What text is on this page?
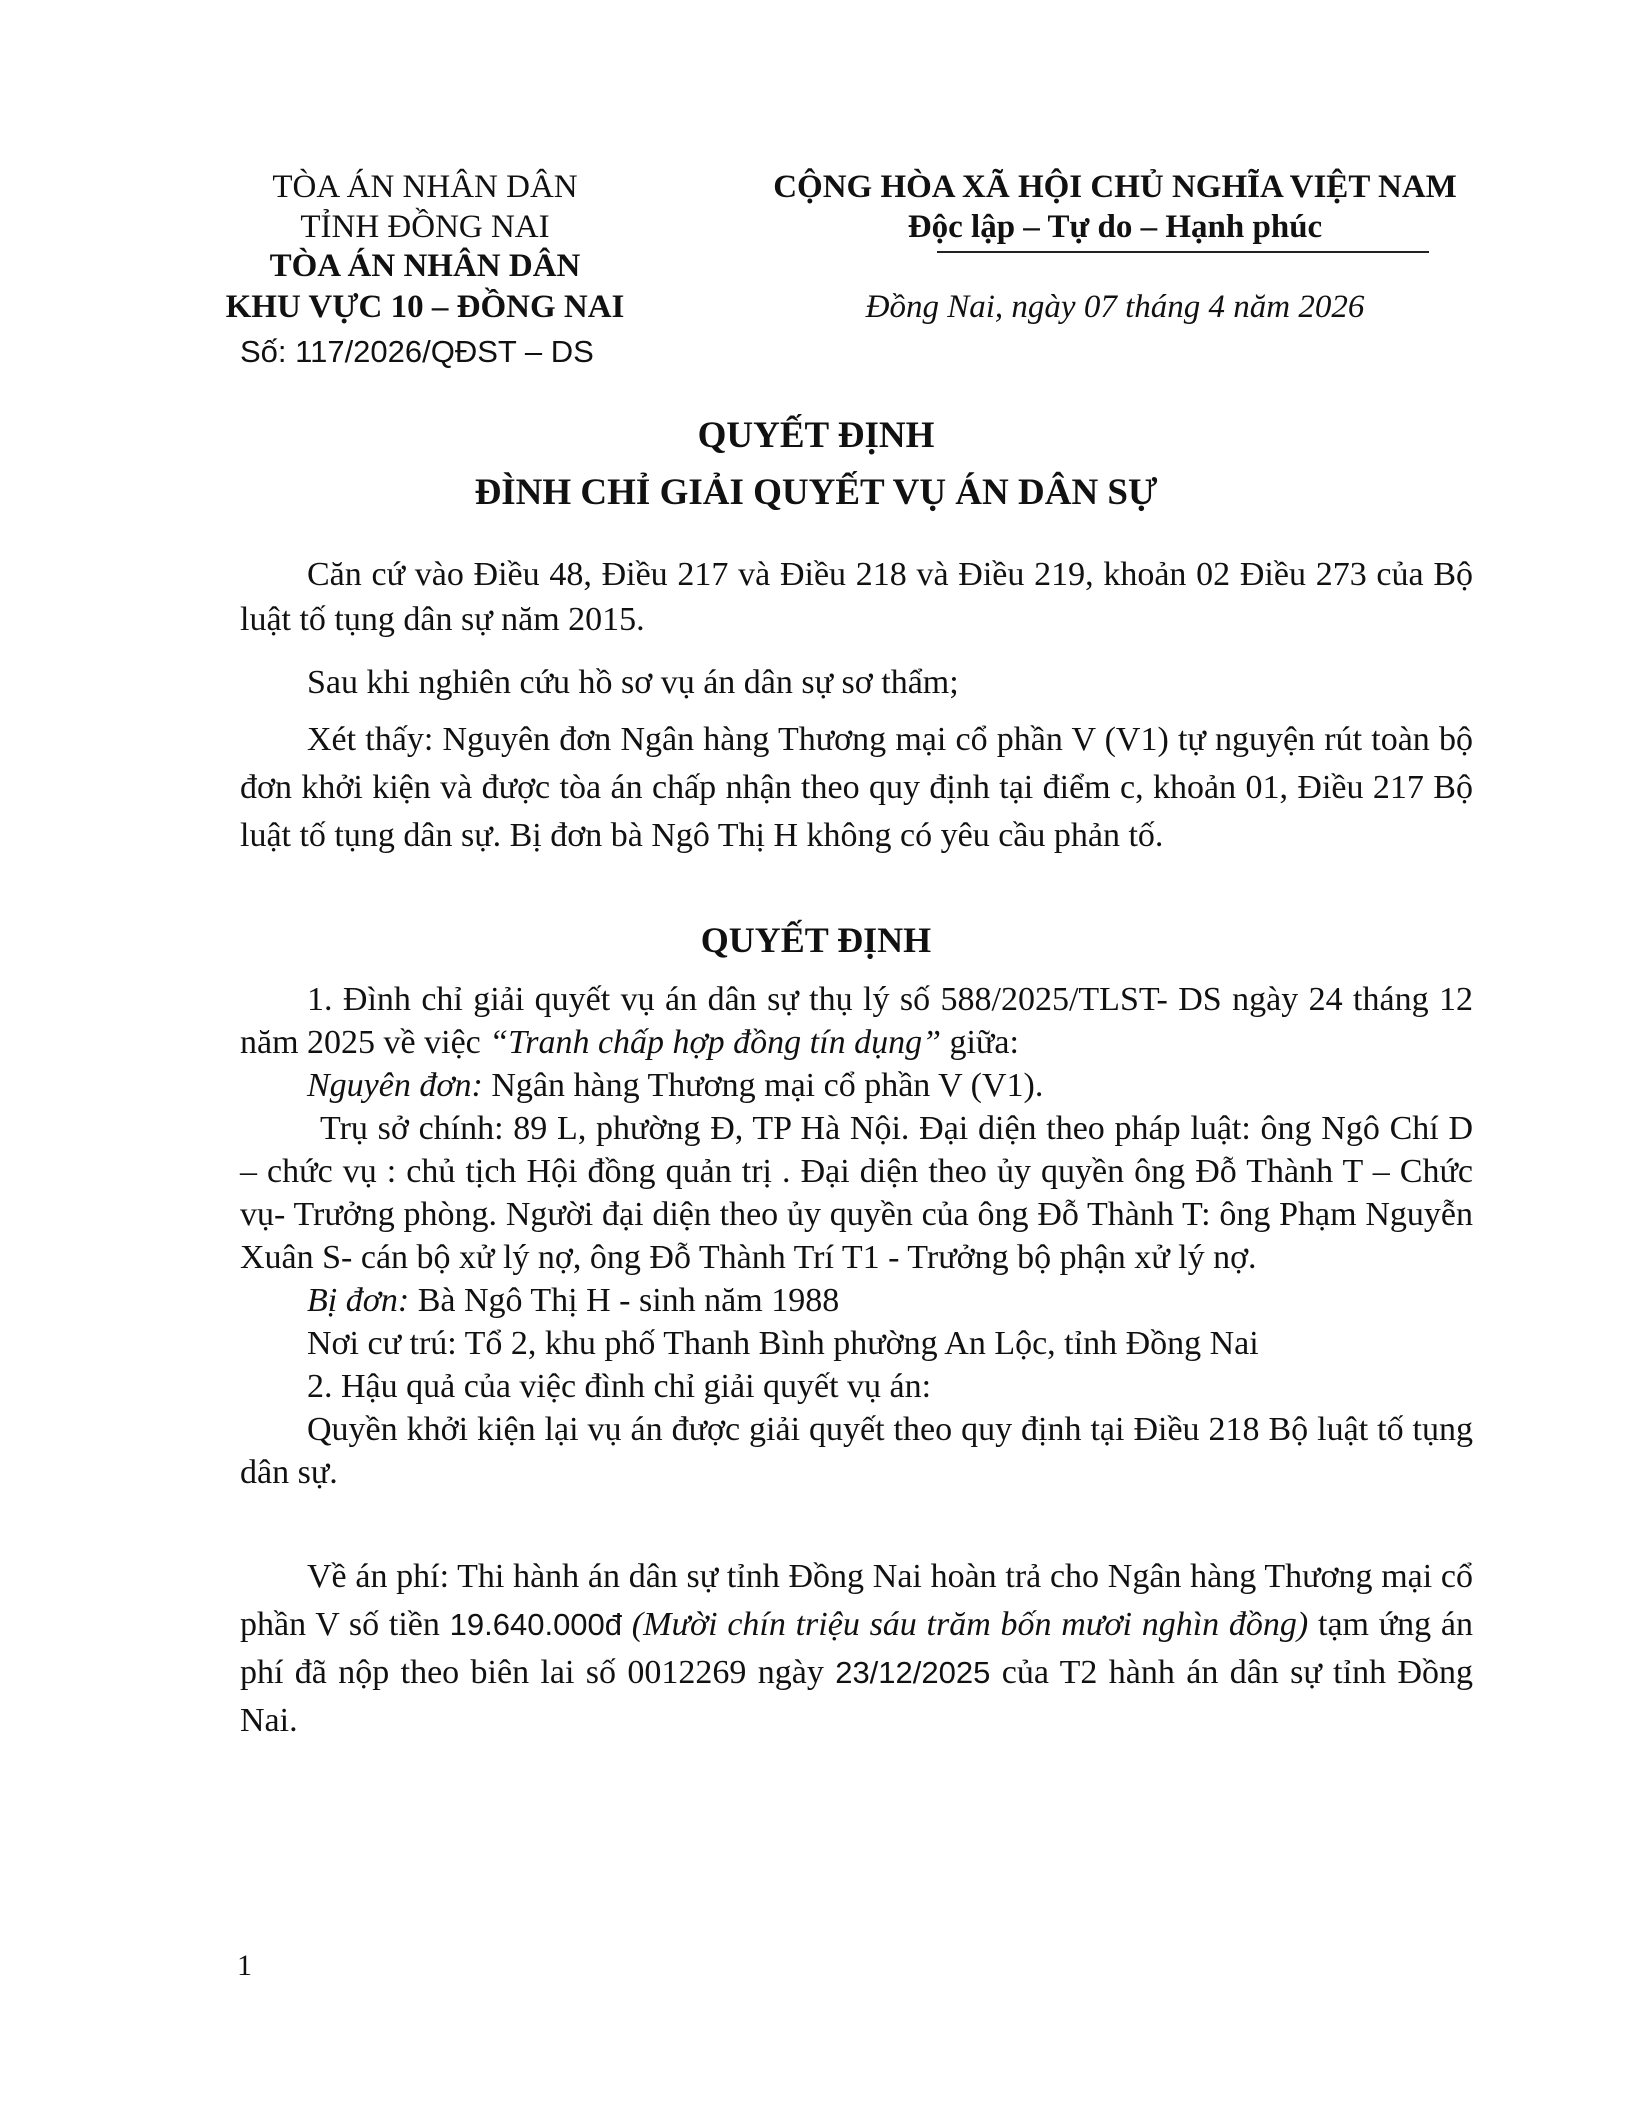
TÒA ÁN NHÂN DÂN
TỈNH ĐỒNG NAI
TÒA ÁN NHÂN DÂN
KHU VỰC 10 – ĐỒNG NAI
Số: 117/2026/QĐST – DS
CỘNG HÒA XÃ HỘI CHỦ NGHĨA VIỆT NAM
Độc lập – Tự do – Hạnh phúc
Đồng Nai, ngày 07 tháng 4 năm 2026
QUYẾT ĐỊNH
ĐÌNH CHỈ GIẢI QUYẾT VỤ ÁN DÂN SỰ
Căn cứ vào Điều 48, Điều 217 và Điều 218 và Điều 219, khoản 02 Điều 273 của Bộ luật tố tụng dân sự năm 2015.
Sau khi nghiên cứu hồ sơ vụ án dân sự sơ thẩm;
Xét thấy: Nguyên đơn Ngân hàng Thương mại cổ phần V (V1) tự nguyện rút toàn bộ đơn khởi kiện và được tòa án chấp nhận theo quy định tại điểm c, khoản 01, Điều 217 Bộ luật tố tụng dân sự. Bị đơn bà Ngô Thị H không có yêu cầu phản tố.
QUYẾT ĐỊNH
1. Đình chỉ giải quyết vụ án dân sự thụ lý số 588/2025/TLST- DS ngày 24 tháng 12 năm 2025 về việc “Tranh chấp hợp đồng tín dụng” giữa:
Nguyên đơn: Ngân hàng Thương mại cổ phần V (V1).
Trụ sở chính: 89 L, phường Đ, TP Hà Nội. Đại diện theo pháp luật: ông Ngô Chí D – chức vụ : chủ tịch Hội đồng quản trị . Đại diện theo ủy quyền ông Đỗ Thành T – Chức vụ- Trưởng phòng. Người đại diện theo ủy quyền của ông Đỗ Thành T: ông Phạm Nguyễn Xuân S- cán bộ xử lý nợ, ông Đỗ Thành Trí T1 - Trưởng bộ phận xử lý nợ.
Bị đơn: Bà Ngô Thị H - sinh năm 1988
Nơi cư trú: Tổ 2, khu phố Thanh Bình phường An Lộc, tỉnh Đồng Nai
2. Hậu quả của việc đình chỉ giải quyết vụ án:
Quyền khởi kiện lại vụ án được giải quyết theo quy định tại Điều 218 Bộ luật tố tụng dân sự.
Về án phí: Thi hành án dân sự tỉnh Đồng Nai hoàn trả cho Ngân hàng Thương mại cổ phần V số tiền 19.640.000đ (Mười chín triệu sáu trăm bốn mươi nghìn đồng) tạm ứng án phí đã nộp theo biên lai số 0012269 ngày 23/12/2025 của T2 hành án dân sự tỉnh Đồng Nai.
1
